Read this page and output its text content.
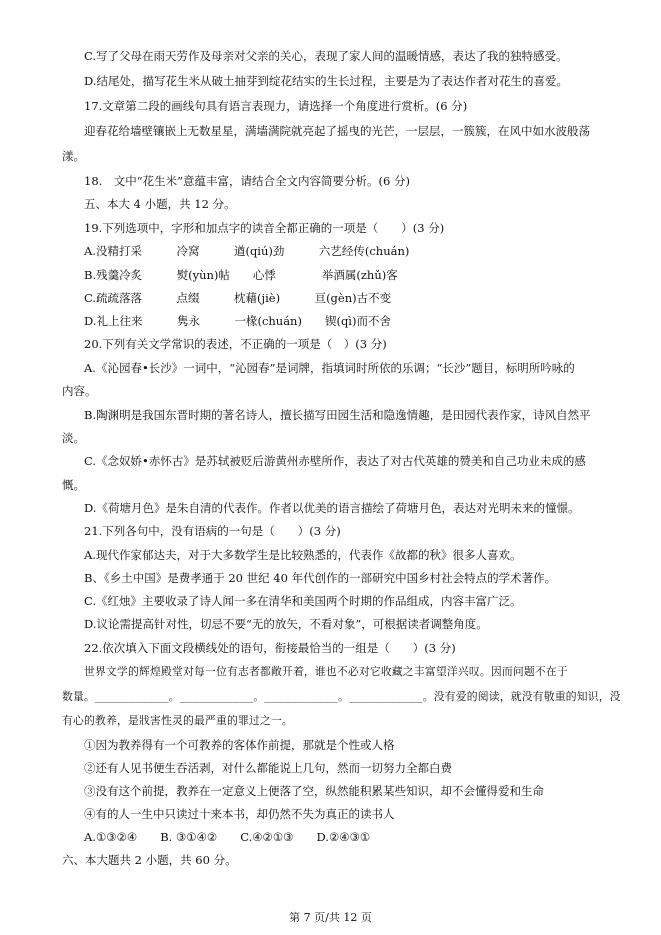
C.写了父母在雨天劳作及母亲对父亲的关心，表现了家人间的温暖情感，表达了我的独特感受。
D.结尾处，描写花生米从破土抽芽到绽花结实的生长过程，主要是为了表达作者对花生的喜爱。
17.文章第二段的画线句具有语言表现力，请选择一个角度进行赏析。(6 分)
迎春花给墙壁镶嵌上无数星星，满墙满院就亮起了摇曳的光芒，一层层，一簇簇，在风中如水波般荡
漾。
18.　文中“花生米”意蕴丰富，请结合全文内容简要分析。(6 分)
五、本大 4 小题，共 12 分。
19.下列选项中，字形和加点字的读音全都正确的一项是（　　）(3 分)
A.没精打采　　　冷窝　　　遒(qiú)劲　　　六艺经传(chuán)
B.残羹冷炙　　　熨(yùn)帖　　心悸　　　　举酒属(zhǔ)客
C.疏疏落落　　　点缀　　　枕藉(jiè)　　　亘(gèn)古不变
D.礼上往来　　　隽永　　　一椽(chuán)　　锲(qì)而不舍
20.下列有关文学常识的表述，不正确的一项是（　）(3 分)
A.《沁园春•长沙》一词中，“沁园春”是词牌，指填词时所依的乐调；“长沙”题目，标明所吟咏的
内容。
B.陶渊明是我国东晋时期的著名诗人，擅长描写田园生活和隐逸情趣，是田园代表作家，诗风自然平
淡。
C.《念奴娇•赤怀古》是苏轼被贬后游黄州赤壁所作，表达了对古代英雄的赞美和自己功业未成的感
慨。
D.《荷塘月色》是朱自清的代表作。作者以优美的语言描绘了荷塘月色，表达对光明未来的憧憬。
21.下列各句中，没有语病的一句是（　　）(3 分)
A.现代作家郁达夫，对于大多数学生是比较熟悉的，代表作《故都的秋》很多人喜欢。
B、《乡土中国》是费孝通于 20 世纪 40 年代创作的一部研究中国乡村社会特点的学术著作。
C.《红烛》主要收录了诗人闻一多在清华和美国两个时期的作品组成，内容丰富广泛。
D.议论需提高针对性，切忌不要“无的放矢，不看对象”，可根据读者调整角度。
22.依次填入下面文段横线处的语句，衔接最恰当的一组是（　　）(3 分)
世界文学的辉煌殿堂对每一位有志者都敞开着，谁也不必对它收藏之丰富望洋兴叹。因而问题不在于
数量。___________。___________。___________。___________。没有爱的阅读，就没有敬重的知识，没
有心的教养，是戕害性灵的最严重的罪过之一。
①因为教养得有一个可教养的客体作前提，那就是个性或人格
②还有人见书便生吞活剥，对什么都能说上几句，然而一切努力全都白费
③没有这个前提，教养在一定意义上便落了空，纵然能积累某些知识，却不会懂得爱和生命
④有的人一生中只读过十来本书，却仍然不失为真正的读书人
A.①③②④　　B. ③①④②　　C.④②①③　　D.②④③①
六、本大题共 2 小题，共 60 分。
第 7 页/共 12 页
